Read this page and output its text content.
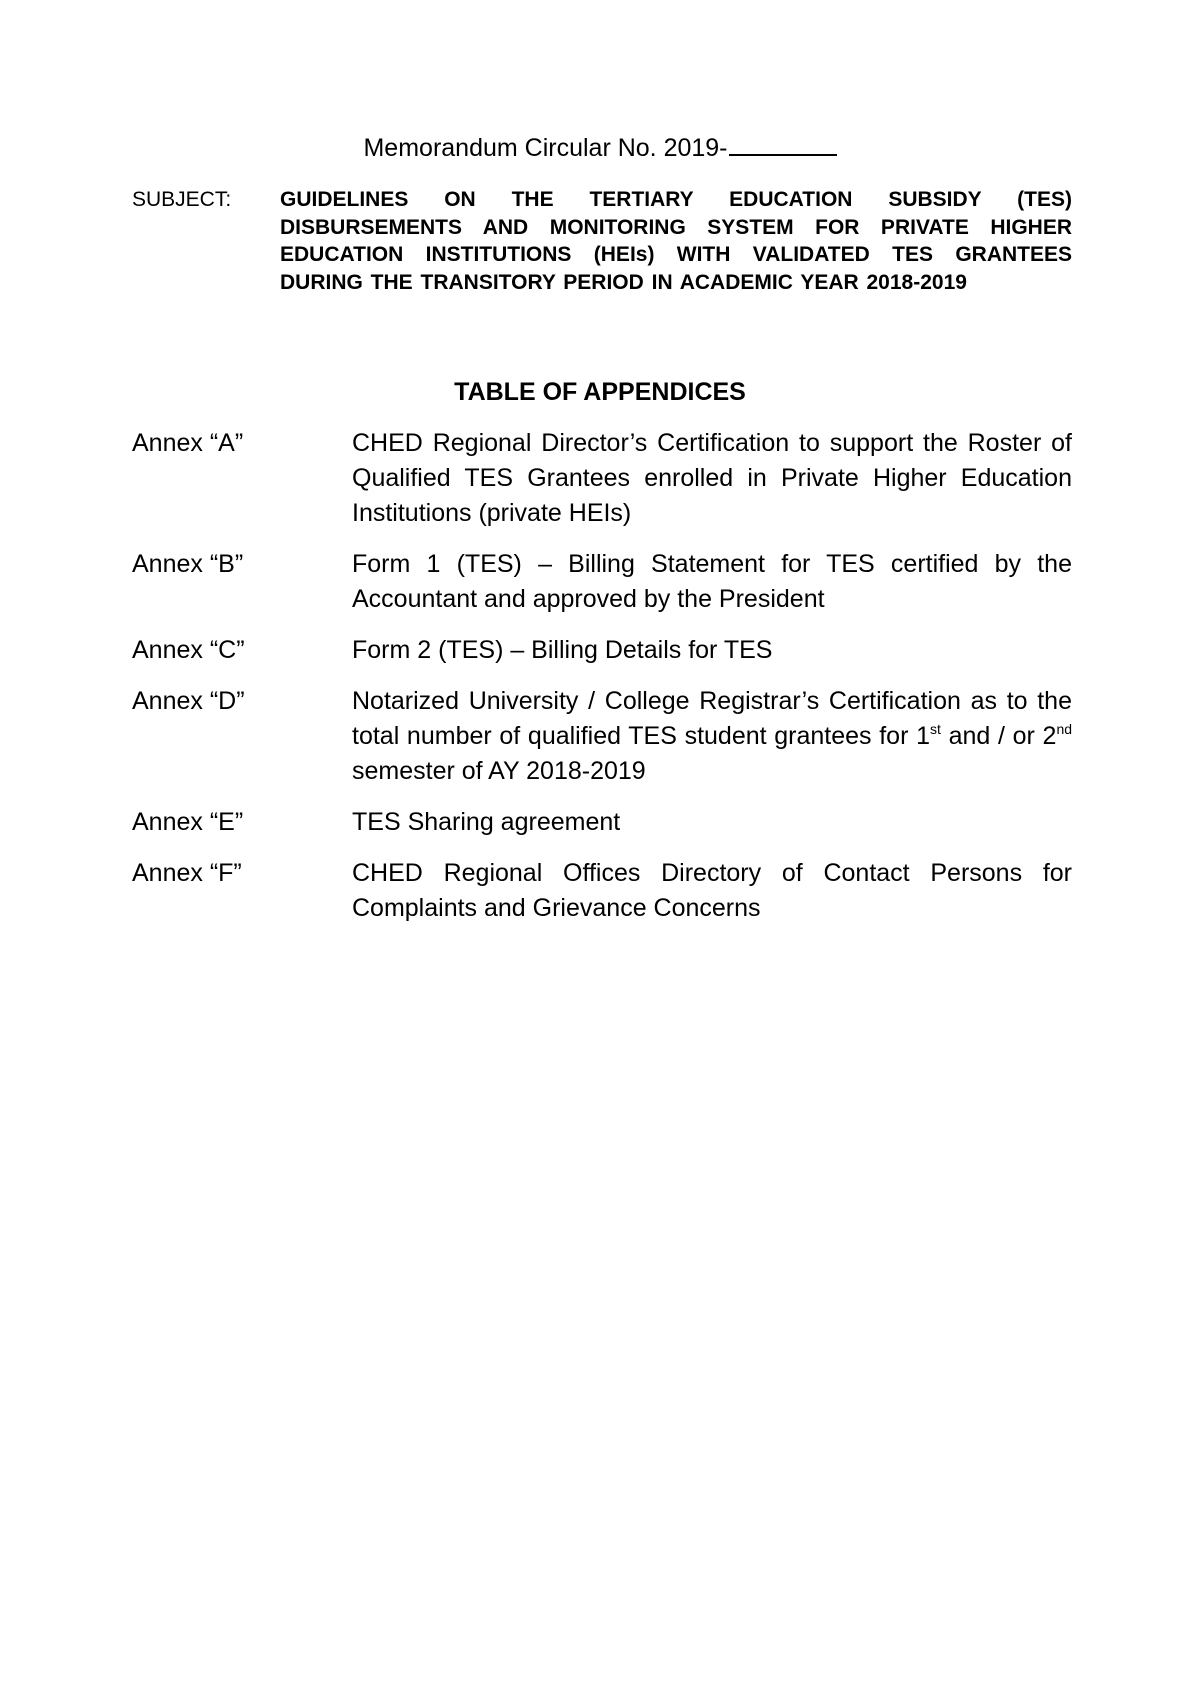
Memorandum Circular No. 2019-
SUBJECT: GUIDELINES ON THE TERTIARY EDUCATION SUBSIDY (TES) DISBURSEMENTS AND MONITORING SYSTEM FOR PRIVATE HIGHER EDUCATION INSTITUTIONS (HEIs) WITH VALIDATED TES GRANTEES DURING THE TRANSITORY PERIOD IN ACADEMIC YEAR 2018-2019
TABLE OF APPENDICES
Annex “A”	CHED Regional Director’s Certification to support the Roster of Qualified TES Grantees enrolled in Private Higher Education Institutions (private HEIs)
Annex “B”	Form 1 (TES) – Billing Statement for TES certified by the Accountant and approved by the President
Annex “C”	Form 2 (TES) – Billing Details for TES
Annex “D”	Notarized University / College Registrar’s Certification as to the total number of qualified TES student grantees for 1st and / or 2nd semester of AY 2018-2019
Annex “E”	TES Sharing agreement
Annex “F”	CHED Regional Offices Directory of Contact Persons for Complaints and Grievance Concerns
